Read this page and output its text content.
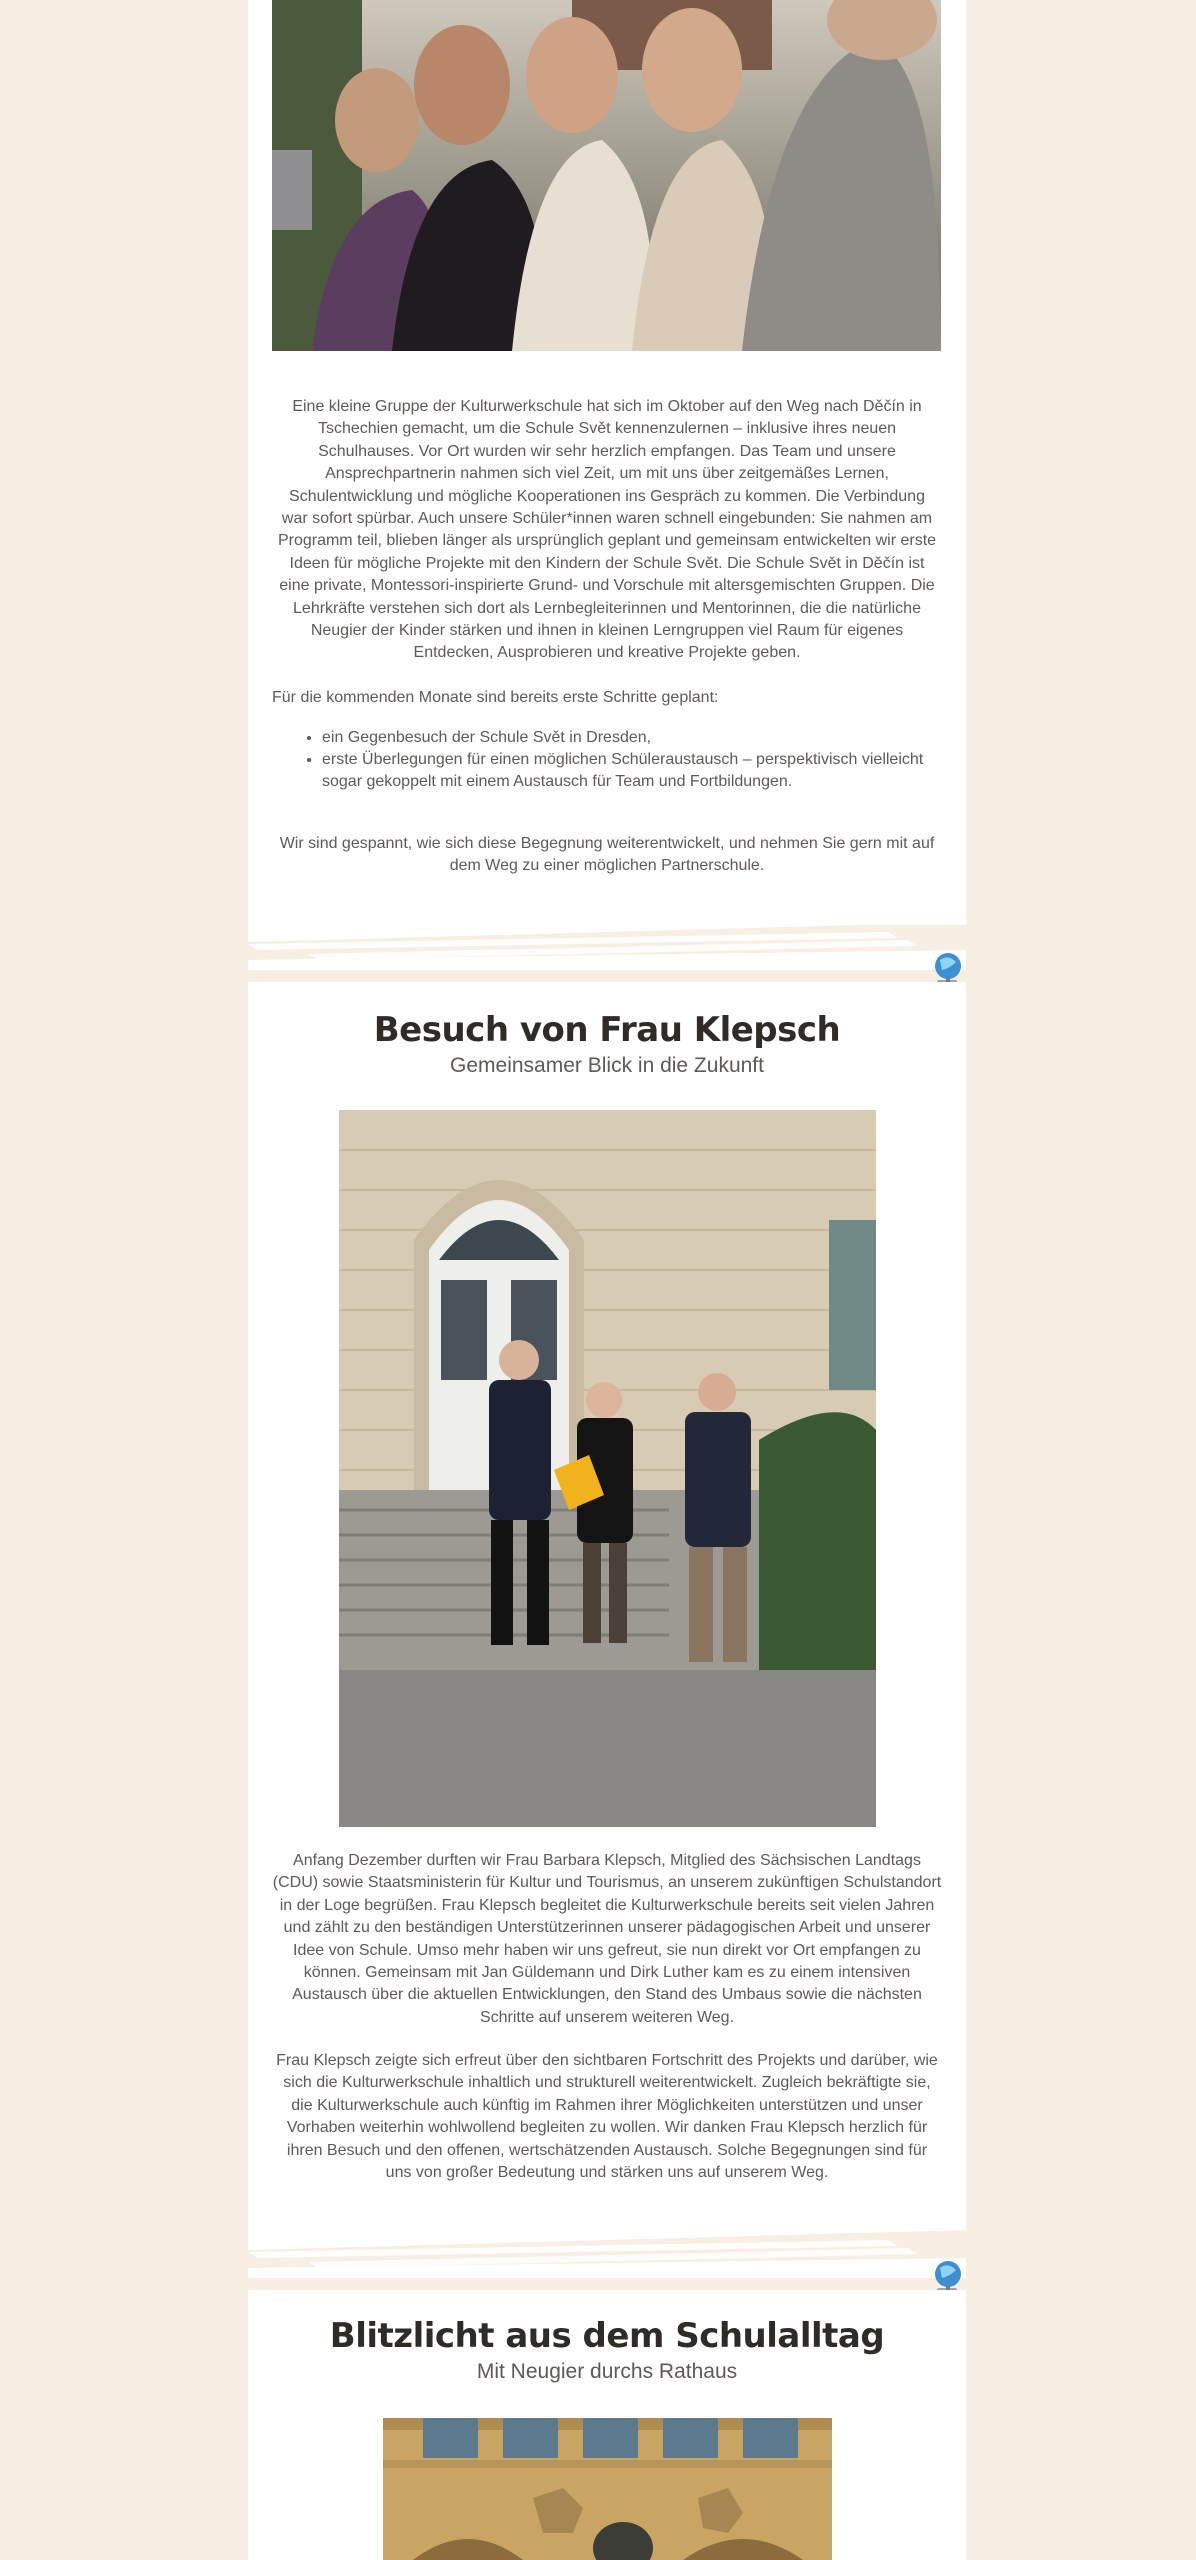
Eine kleine Gruppe der Kulturwerkschule hat sich im Oktober auf den Weg nach Děčín in Tschechien gemacht, um die Schule Svět kennenzulernen – inklusive ihres neuen Schulhauses. Vor Ort wurden wir sehr herzlich empfangen. Das Team und unsere Ansprechpartnerin nahmen sich viel Zeit, um mit uns über zeitgemäßes Lernen, Schulentwicklung und mögliche Kooperationen ins Gespräch zu kommen. Die Verbindung war sofort spürbar. Auch unsere Schüler*innen waren schnell eingebunden: Sie nahmen am Programm teil, blieben länger als ursprünglich geplant und gemeinsam entwickelten wir erste Ideen für mögliche Projekte mit den Kindern der Schule Svět. Die Schule Svět in Děčín ist eine private, Montessori-inspirierte Grund- und Vorschule mit altersgemischten Gruppen. Die Lehrkräfte verstehen sich dort als Lernbegleiterinnen und Mentorinnen, die die natürliche Neugier der Kinder stärken und ihnen in kleinen Lerngruppen viel Raum für eigenes Entdecken, Ausprobieren und kreative Projekte geben.

Für die kommenden Monate sind bereits erste Schritte geplant:

• ein Gegenbesuch der Schule Svět in Dresden,
• erste Überlegungen für einen möglichen Schüleraustausch – perspektivisch vielleicht sogar gekoppelt mit einem Austausch für Team und Fortbildungen.

Wir sind gespannt, wie sich diese Begegnung weiterentwickelt, und nehmen Sie gern mit auf dem Weg zu einer möglichen Partnerschule.

Besuch von Frau Klepsch

Gemeinsamer Blick in die Zukunft

Anfang Dezember durften wir Frau Barbara Klepsch, Mitglied des Sächsischen Landtags (CDU) sowie Staatsministerin für Kultur und Tourismus, an unserem zukünftigen Schulstandort in der Loge begrüßen. Frau Klepsch begleitet die Kulturwerkschule bereits seit vielen Jahren und zählt zu den beständigen Unterstützerinnen unserer pädagogischen Arbeit und unserer Idee von Schule. Umso mehr haben wir uns gefreut, sie nun direkt vor Ort empfangen zu können. Gemeinsam mit Jan Güldemann und Dirk Luther kam es zu einem intensiven Austausch über die aktuellen Entwicklungen, den Stand des Umbaus sowie die nächsten Schritte auf unserem weiteren Weg.

Frau Klepsch zeigte sich erfreut über den sichtbaren Fortschritt des Projekts und darüber, wie sich die Kulturwerkschule inhaltlich und strukturell weiterentwickelt. Zugleich bekräftigte sie, die Kulturwerkschule auch künftig im Rahmen ihrer Möglichkeiten unterstützen und unser Vorhaben weiterhin wohlwollend begleiten zu wollen. Wir danken Frau Klepsch herzlich für ihren Besuch und den offenen, wertschätzenden Austausch. Solche Begegnungen sind für uns von großer Bedeutung und stärken uns auf unserem Weg.

Blitzlicht aus dem Schulalltag

Mit Neugier durchs Rathaus
